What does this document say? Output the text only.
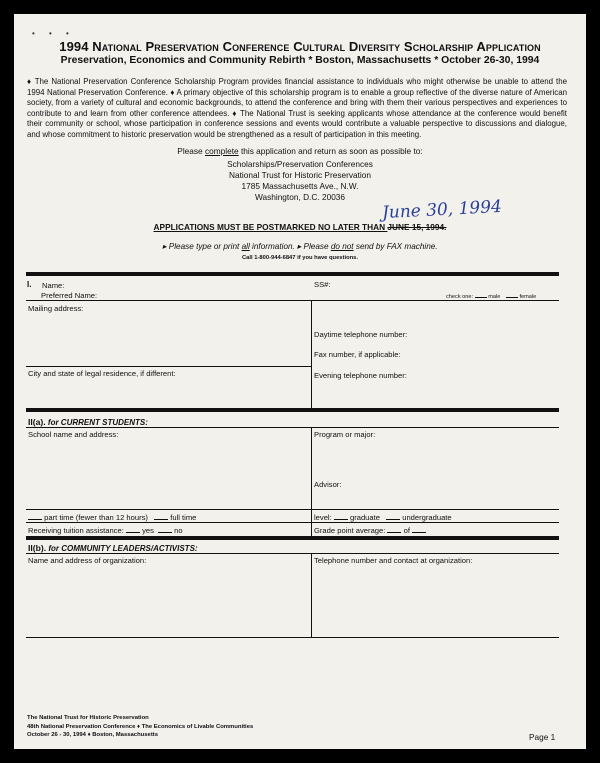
• • •
1994 National Preservation Conference Cultural Diversity Scholarship Application
Preservation, Economics and Community Rebirth * Boston, Massachusetts * October 26-30, 1994
♦ The National Preservation Conference Scholarship Program provides financial assistance to individuals who might otherwise be unable to attend the 1994 National Preservation Conference. ♦ A primary objective of this scholarship program is to enable a group reflective of the diverse nature of American society, from a variety of cultural and economic backgrounds, to attend the conference and bring with them their various perspectives and experiences to contribute to and learn from other conference attendees. ♦ The National Trust is seeking applicants whose attendance at the conference would benefit their community or school, whose participation in conference sessions and events would contribute a valuable perspective to discussions and dialogue, and whose commitment to historic preservation would be strengthened as a result of participation in this meeting.
Please complete this application and return as soon as possible to:
Scholarships/Preservation Conferences
National Trust for Historic Preservation
1785 Massachusetts Ave., N.W.
Washington, D.C. 20036	June 30, 1994
APPLICATIONS MUST BE POSTMARKED NO LATER THAN JUNE 15, 1994.
▸ Please type or print all information. ▸ Please do not send by FAX machine.
Call 1-800-944-6847 if you have questions.
I. Name:
Preferred Name:
SS#:
check one:	male	female
Mailing address:
Daytime telephone number:
Fax number, if applicable:
City and state of legal residence, if different:	Evening telephone number:
II(a). for CURRENT STUDENTS:
School name and address:	Program or major:
Advisor:
part time (fewer than 12 hours)	full time	level: graduate	undergraduate
Receiving tuition assistance: yes	no	Grade point average: of
II(b). for COMMUNITY LEADERS/ACTIVISTS:
Name and address of organization:	Telephone number and contact at organization:
The National Trust for Historic Preservation
48th National Preservation Conference ♦ The Economics of Livable Communities
October 26 - 30, 1994 ♦ Boston, Massachusetts	Page 1
